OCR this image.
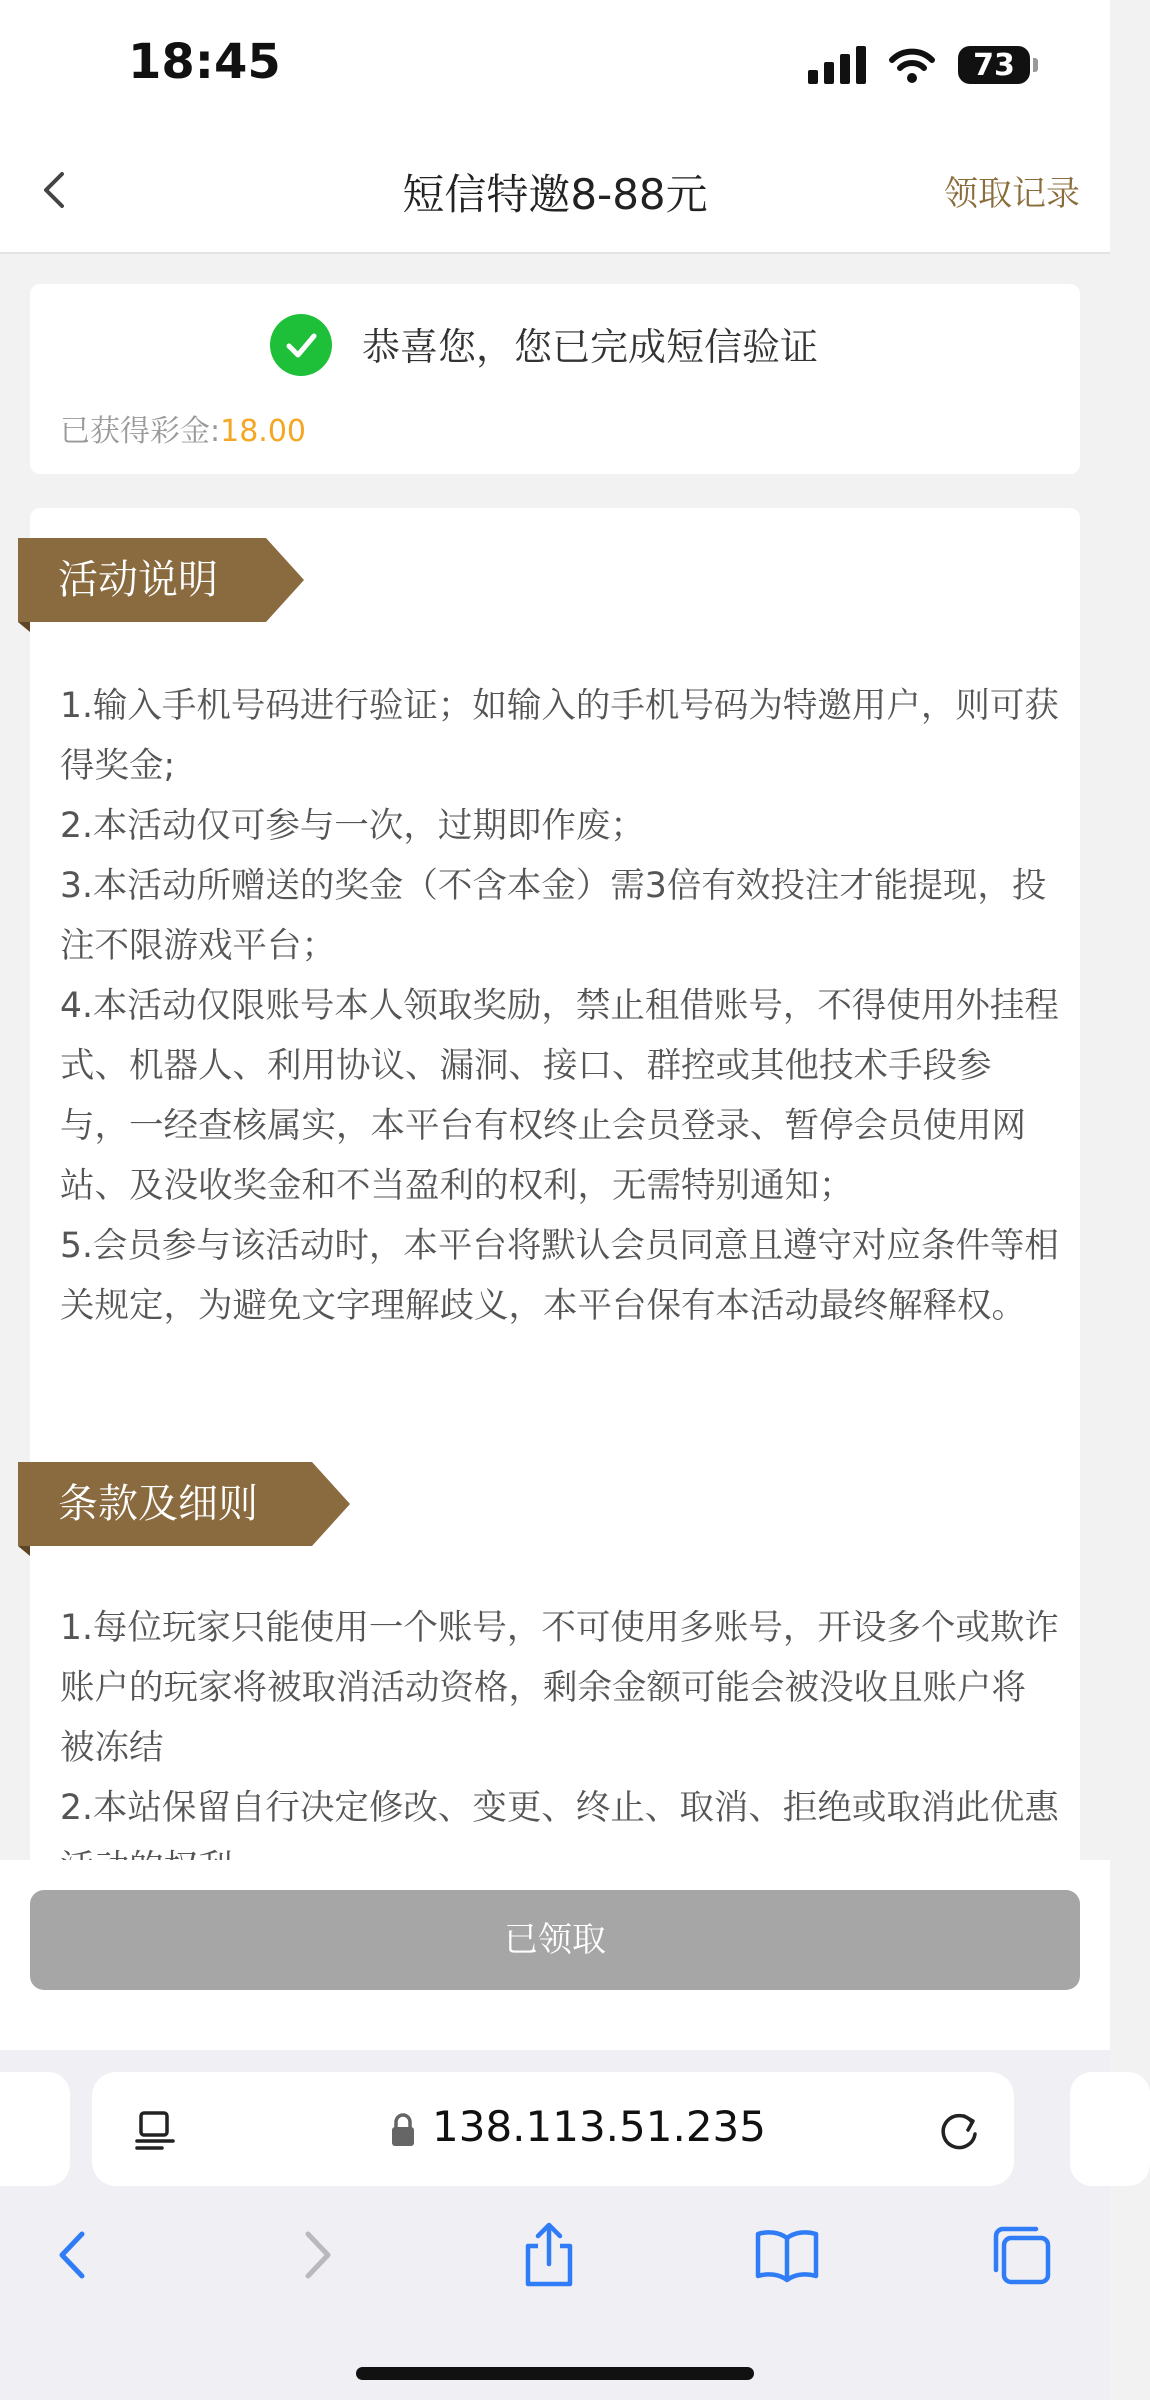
18:45	73
短信特邀8-88元	领取记录
恭喜您，您已完成短信验证
已获得彩金:18.00
活动说明

1.输入手机号码进行验证；如输入的手机号码为特邀用户，则可获得奖金;

2.本活动仅可参与一次，过期即作废；

3.本活动所赠送的奖金（不含本金）需3倍有效投注才能提现，投注不限游戏平台；

4.本活动仅限账号本人领取奖励，禁止租借账号，不得使用外挂程式、机器人、利用协议、漏洞、接口、群控或其他技术手段参与，一经查核属实，本平台有权终止会员登录、暂停会员使用网站、及没收奖金和不当盈利的权利，无需特别通知；

5.会员参与该活动时，本平台将默认会员同意且遵守对应条件等相关规定，为避免文字理解歧义，本平台保有本活动最终解释权。

条款及细则

1.每位玩家只能使用一个账号，不可使用多账号，开设多个或欺诈账户的玩家将被取消活动资格，剩余金额可能会被没收且账户将被冻结

2.本站保留自行决定修改、变更、终止、取消、拒绝或取消此优惠

已领取
138.113.51.235
